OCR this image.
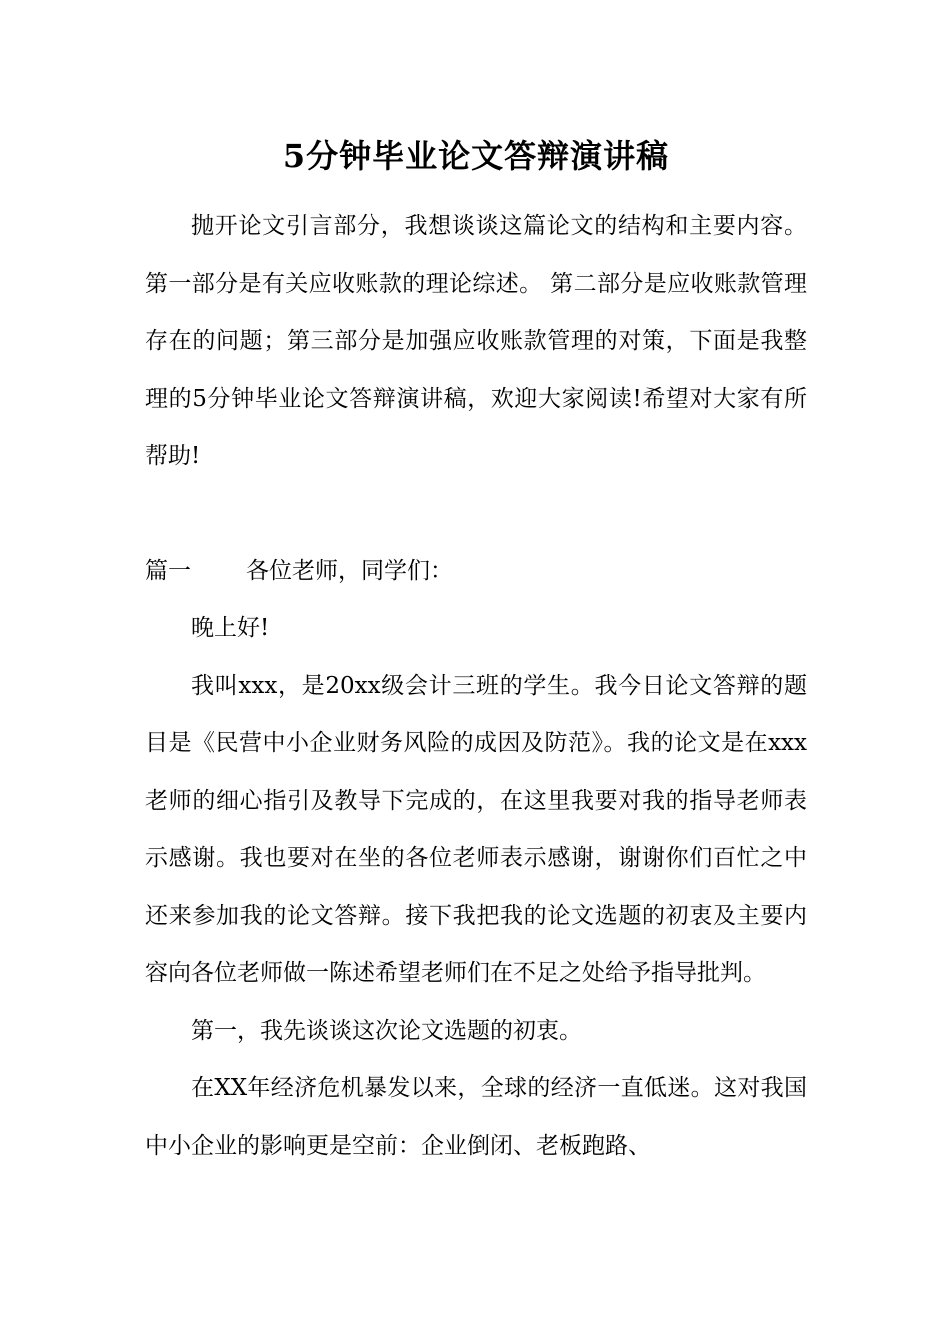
5分钟毕业论文答辩演讲稿

抛开论文引言部分，我想谈谈这篇论文的结构和主要内容。 第一部分是有关应收账款的理论综述。 第二部分是应收账款管理存在的问题；第三部分是加强应收账款管理的对策，下面是我整理的5分钟毕业论文答辩演讲稿，欢迎大家阅读!希望对大家有所帮助!

篇一 各位老师，同学们：

晚上好!

我叫xxx，是20xx级会计三班的学生。我今日论文答辩的题目是《民营中小企业财务风险的成因及防范》。我的论文是在xxx老师的细心指引及教导下完成的，在这里我要对我的指导老师表示感谢。我也要对在坐的各位老师表示感谢，谢谢你们百忙之中还来参加我的论文答辩。接下我把我的论文选题的初衷及主要内容向各位老师做一陈述希望老师们在不足之处给予指导批判。

第一，我先谈谈这次论文选题的初衷。

在XX年经济危机暴发以来，全球的经济一直低迷。这对我国中小企业的影响更是空前：企业倒闭、老板跑路、
